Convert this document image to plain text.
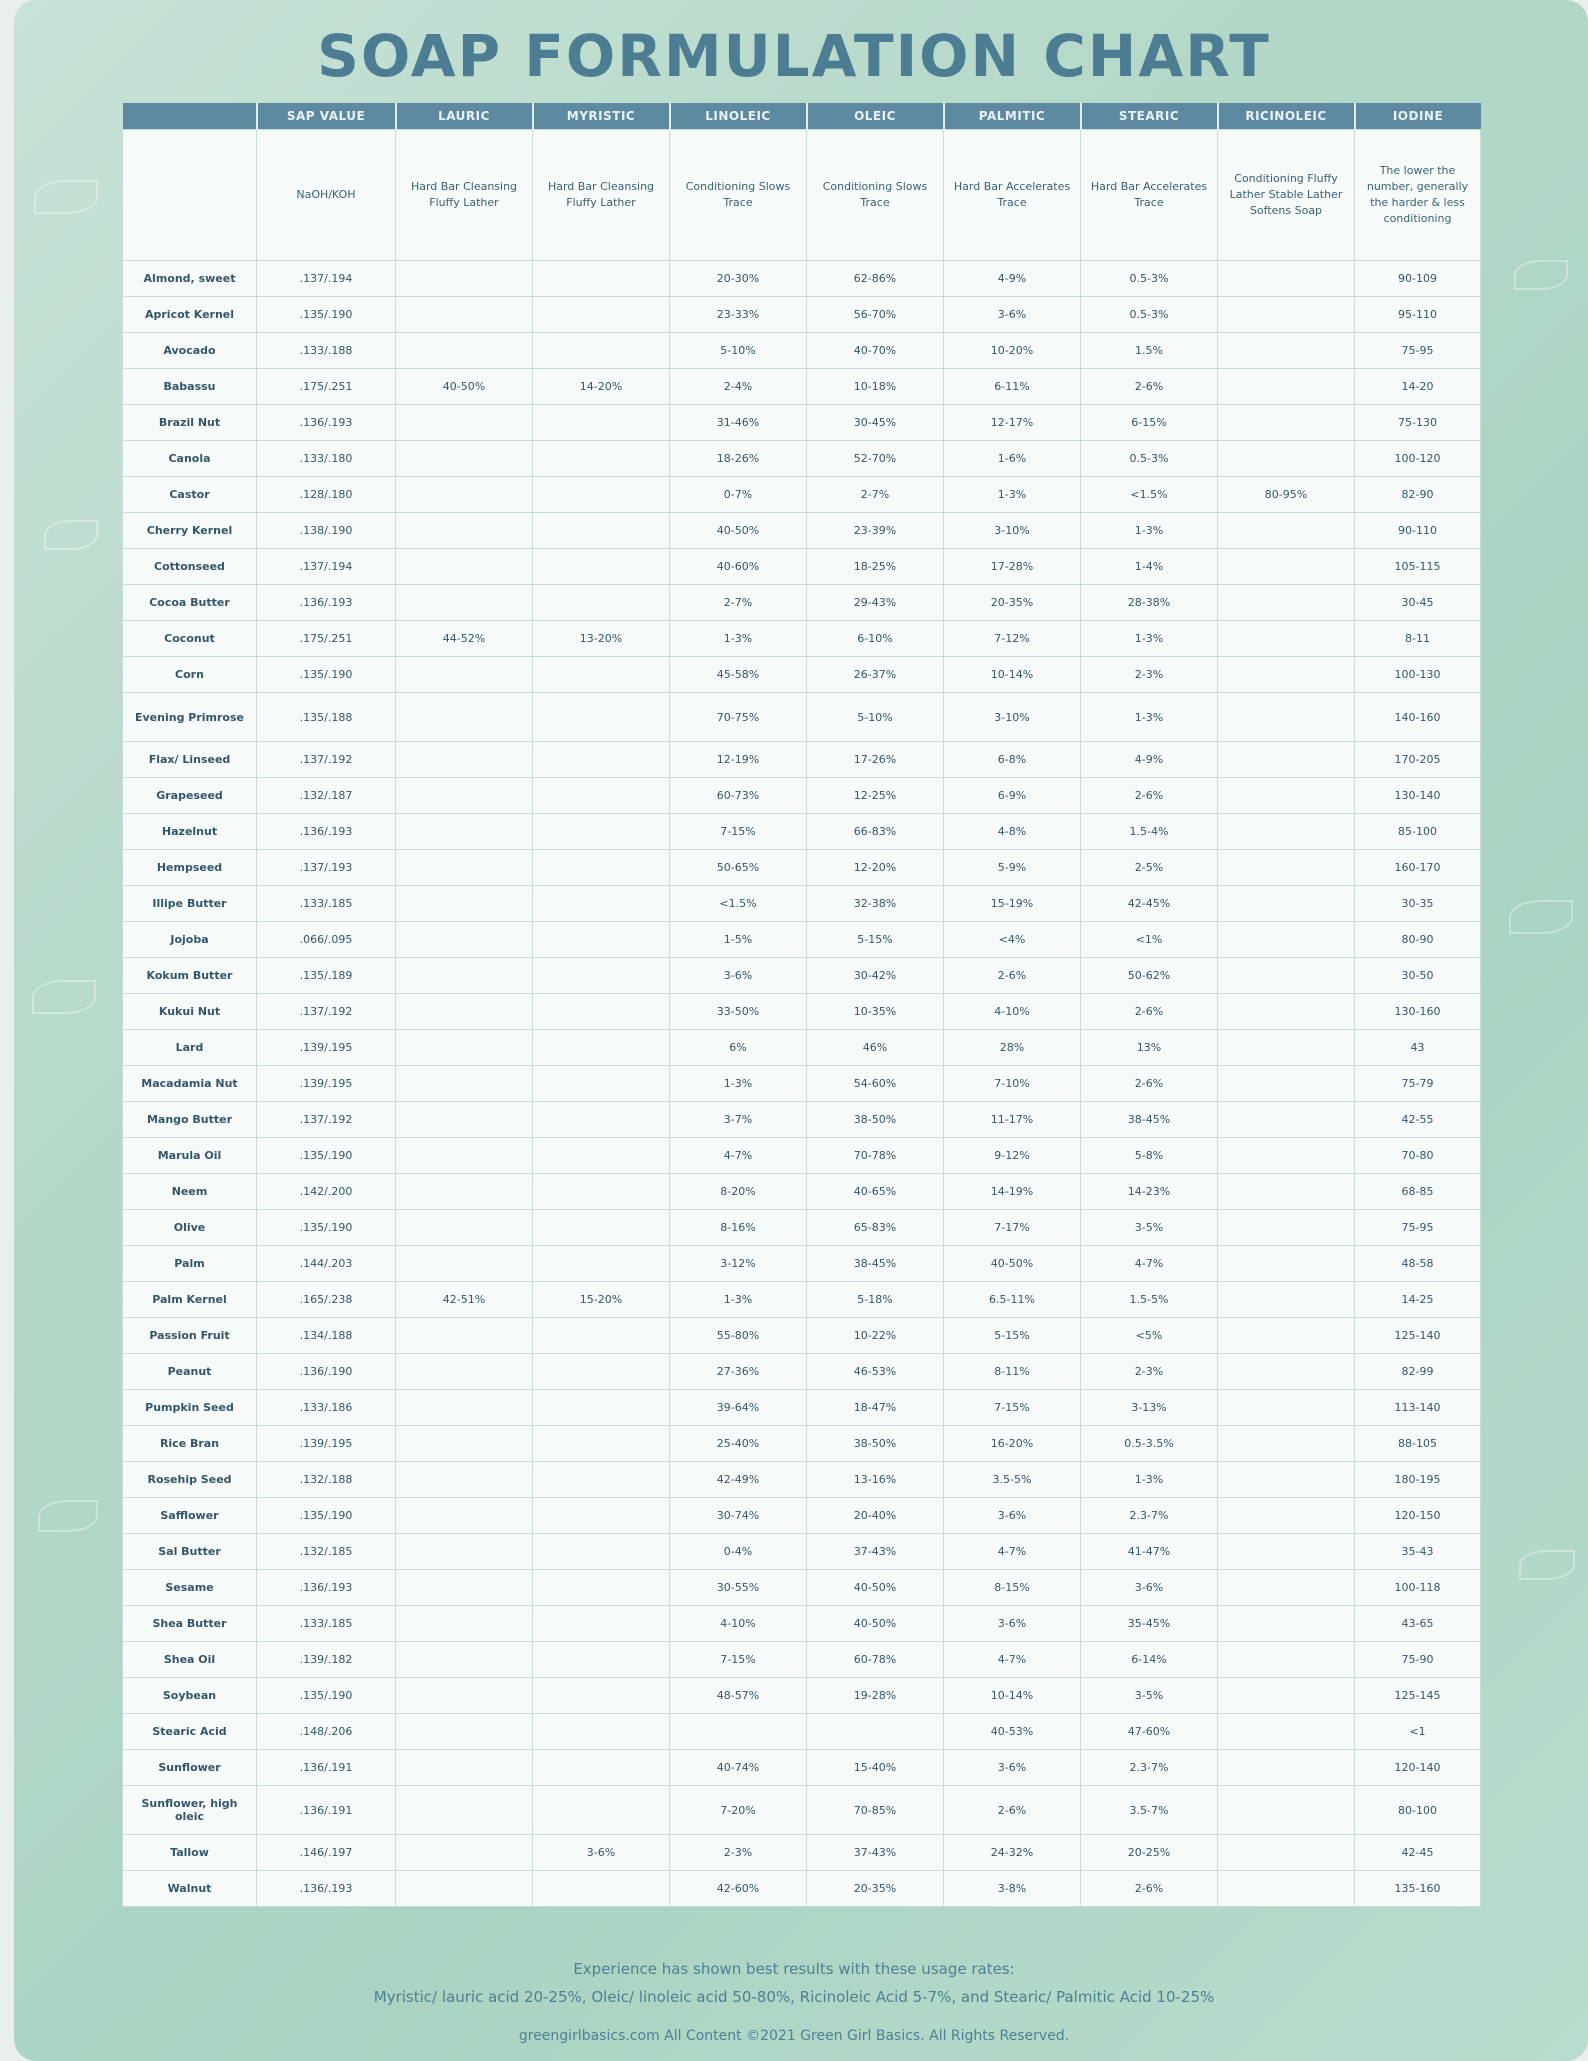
SOAP FORMULATION CHART
	SAP VALUE	LAURIC	MYRISTIC	LINOLEIC	OLEIC	PALMITIC	STEARIC	RICINOLEIC	IODINE
	NaOH/KOH	Hard Bar Cleansing Fluffy Lather	Hard Bar Cleansing Fluffy Lather	Conditioning Slows Trace	Conditioning Slows Trace	Hard Bar Accelerates Trace	Hard Bar Accelerates Trace	Conditioning Fluffy Lather Stable Lather Softens Soap	The lower the number, generally the harder & less conditioning
Almond, sweet	.137/.194			20-30%	62-86%	4-9%	0.5-3%		90-109
Apricot Kernel	.135/.190			23-33%	56-70%	3-6%	0.5-3%		95-110
Avocado	.133/.188			5-10%	40-70%	10-20%	1.5%		75-95
Babassu	.175/.251	40-50%	14-20%	2-4%	10-18%	6-11%	2-6%		14-20
Brazil Nut	.136/.193			31-46%	30-45%	12-17%	6-15%		75-130
Canola	.133/.180			18-26%	52-70%	1-6%	0.5-3%		100-120
Castor	.128/.180			0-7%	2-7%	1-3%	<1.5%	80-95%	82-90
Cherry Kernel	.138/.190			40-50%	23-39%	3-10%	1-3%		90-110
Cottonseed	.137/.194			40-60%	18-25%	17-28%	1-4%		105-115
Cocoa Butter	.136/.193			2-7%	29-43%	20-35%	28-38%		30-45
Coconut	.175/.251	44-52%	13-20%	1-3%	6-10%	7-12%	1-3%		8-11
Corn	.135/.190			45-58%	26-37%	10-14%	2-3%		100-130
Evening Primrose	.135/.188			70-75%	5-10%	3-10%	1-3%		140-160
Flax/ Linseed	.137/.192			12-19%	17-26%	6-8%	4-9%		170-205
Grapeseed	.132/.187			60-73%	12-25%	6-9%	2-6%		130-140
Hazelnut	.136/.193			7-15%	66-83%	4-8%	1.5-4%		85-100
Hempseed	.137/.193			50-65%	12-20%	5-9%	2-5%		160-170
Illipe Butter	.133/.185			<1.5%	32-38%	15-19%	42-45%		30-35
Jojoba	.066/.095			1-5%	5-15%	<4%	<1%		80-90
Kokum Butter	.135/.189			3-6%	30-42%	2-6%	50-62%		30-50
Kukui Nut	.137/.192			33-50%	10-35%	4-10%	2-6%		130-160
Lard	.139/.195			6%	46%	28%	13%		43
Macadamia Nut	.139/.195			1-3%	54-60%	7-10%	2-6%		75-79
Mango Butter	.137/.192			3-7%	38-50%	11-17%	38-45%		42-55
Marula Oil	.135/.190			4-7%	70-78%	9-12%	5-8%		70-80
Neem	.142/.200			8-20%	40-65%	14-19%	14-23%		68-85
Olive	.135/.190			8-16%	65-83%	7-17%	3-5%		75-95
Palm	.144/.203			3-12%	38-45%	40-50%	4-7%		48-58
Palm Kernel	.165/.238	42-51%	15-20%	1-3%	5-18%	6.5-11%	1.5-5%		14-25
Passion Fruit	.134/.188			55-80%	10-22%	5-15%	<5%		125-140
Peanut	.136/.190			27-36%	46-53%	8-11%	2-3%		82-99
Pumpkin Seed	.133/.186			39-64%	18-47%	7-15%	3-13%		113-140
Rice Bran	.139/.195			25-40%	38-50%	16-20%	0.5-3.5%		88-105
Rosehip Seed	.132/.188			42-49%	13-16%	3.5-5%	1-3%		180-195
Safflower	.135/.190			30-74%	20-40%	3-6%	2.3-7%		120-150
Sal Butter	.132/.185			0-4%	37-43%	4-7%	41-47%		35-43
Sesame	.136/.193			30-55%	40-50%	8-15%	3-6%		100-118
Shea Butter	.133/.185			4-10%	40-50%	3-6%	35-45%		43-65
Shea Oil	.139/.182			7-15%	60-78%	4-7%	6-14%		75-90
Soybean	.135/.190			48-57%	19-28%	10-14%	3-5%		125-145
Stearic Acid	.148/.206					40-53%	47-60%		<1
Sunflower	.136/.191			40-74%	15-40%	3-6%	2.3-7%		120-140
Sunflower, high oleic	.136/.191			7-20%	70-85%	2-6%	3.5-7%		80-100
Tallow	.146/.197		3-6%	2-3%	37-43%	24-32%	20-25%		42-45
Walnut	.136/.193			42-60%	20-35%	3-8%	2-6%		135-160
Experience has shown best results with these usage rates:
Myristic/ lauric acid 20-25%, Oleic/ linoleic acid 50-80%, Ricinoleic Acid 5-7%, and Stearic/ Palmitic Acid 10-25%
greengirlbasics.com All Content ©2021 Green Girl Basics. All Rights Reserved.
